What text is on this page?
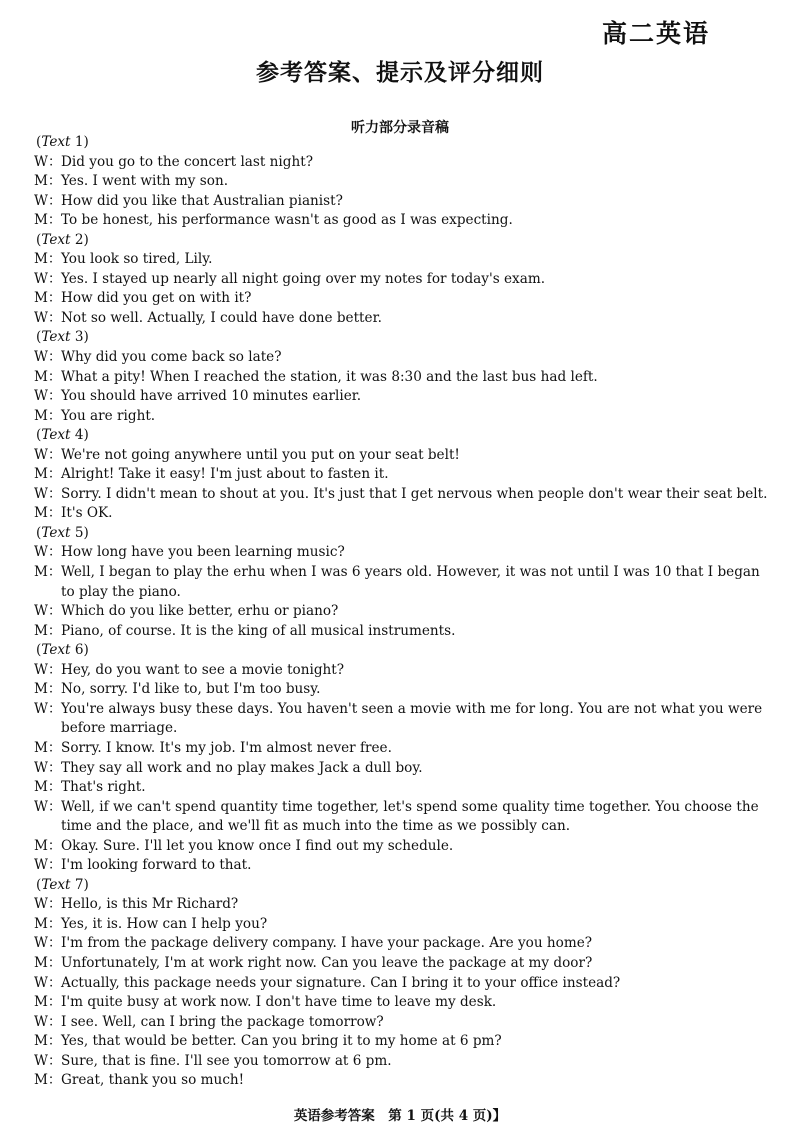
高二英语
参考答案、提示及评分细则
听力部分录音稿
(Text 1)
W：Did you go to the concert last night?
M：Yes. I went with my son.
W：How did you like that Australian pianist?
M：To be honest, his performance wasn't as good as I was expecting.
(Text 2)
M：You look so tired, Lily.
W：Yes. I stayed up nearly all night going over my notes for today's exam.
M：How did you get on with it?
W：Not so well. Actually, I could have done better.
(Text 3)
W：Why did you come back so late?
M：What a pity! When I reached the station, it was 8:30 and the last bus had left.
W：You should have arrived 10 minutes earlier.
M：You are right.
(Text 4)
W：We're not going anywhere until you put on your seat belt!
M：Alright! Take it easy! I'm just about to fasten it.
W：Sorry. I didn't mean to shout at you. It's just that I get nervous when people don't wear their seat belt.
M：It's OK.
(Text 5)
W：How long have you been learning music?
M：Well, I began to play the erhu when I was 6 years old. However, it was not until I was 10 that I began to play the piano.
W：Which do you like better, erhu or piano?
M：Piano, of course. It is the king of all musical instruments.
(Text 6)
W：Hey, do you want to see a movie tonight?
M：No, sorry. I'd like to, but I'm too busy.
W：You're always busy these days. You haven't seen a movie with me for long. You are not what you were before marriage.
M：Sorry. I know. It's my job. I'm almost never free.
W：They say all work and no play makes Jack a dull boy.
M：That's right.
W：Well, if we can't spend quantity time together, let's spend some quality time together. You choose the time and the place, and we'll fit as much into the time as we possibly can.
M：Okay. Sure. I'll let you know once I find out my schedule.
W：I'm looking forward to that.
(Text 7)
W：Hello, is this Mr Richard?
M：Yes, it is. How can I help you?
W：I'm from the package delivery company. I have your package. Are you home?
M：Unfortunately, I'm at work right now. Can you leave the package at my door?
W：Actually, this package needs your signature. Can I bring it to your office instead?
M：I'm quite busy at work now. I don't have time to leave my desk.
W：I see. Well, can I bring the package tomorrow?
M：Yes, that would be better. Can you bring it to my home at 6 pm?
W：Sure, that is fine. I'll see you tomorrow at 6 pm.
M：Great, thank you so much!
英语参考答案　第 1 页(共 4 页)】
